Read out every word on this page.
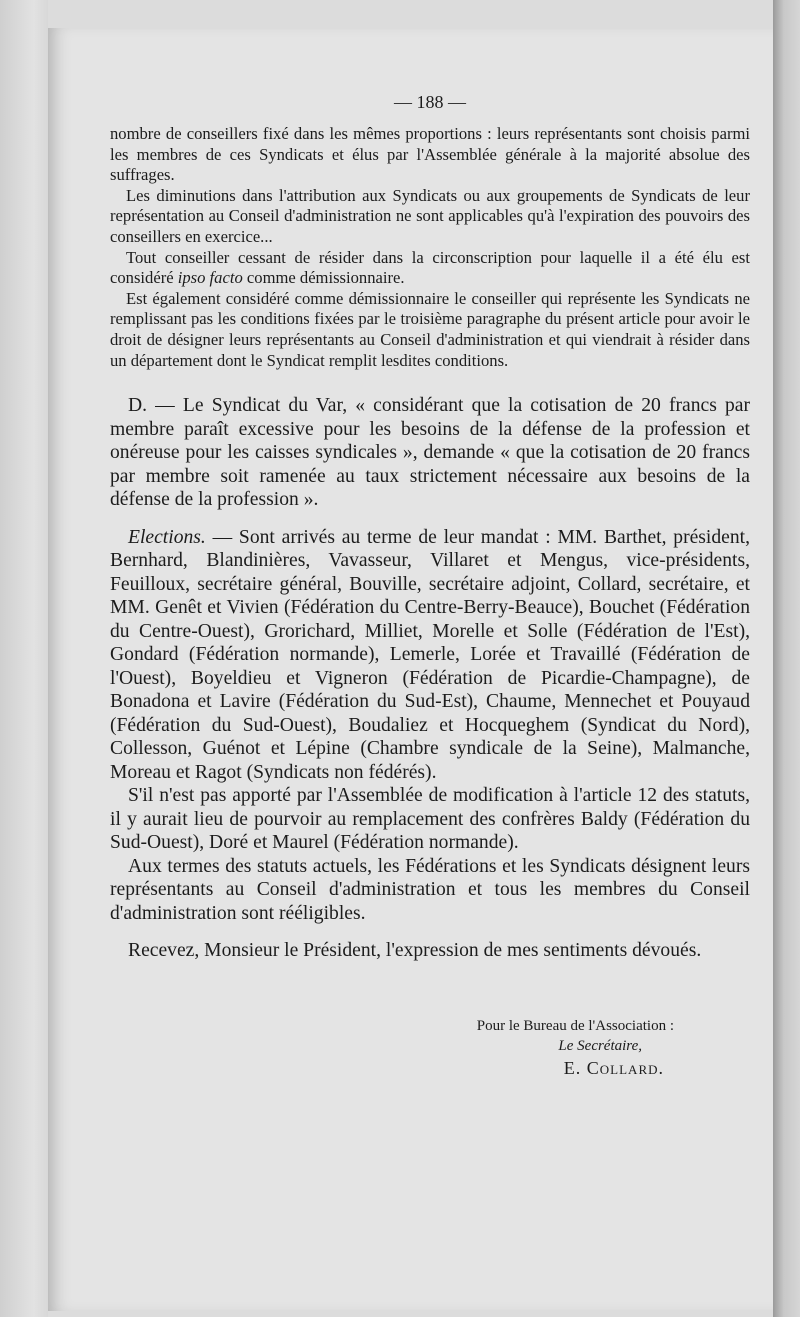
— 188 —

nombre de conseillers fixé dans les mêmes proportions : leurs représentants sont choisis parmi les membres de ces Syndicats et élus par l'Assemblée générale à la majorité absolue des suffrages.

Les diminutions dans l'attribution aux Syndicats ou aux groupements de Syndicats de leur représentation au Conseil d'administration ne sont applicables qu'à l'expiration des pouvoirs des conseillers en exercice...

Tout conseiller cessant de résider dans la circonscription pour laquelle il a été élu est considéré ipso facto comme démissionnaire.

Est également considéré comme démissionnaire le conseiller qui représente les Syndicats ne remplissant pas les conditions fixées par le troisième paragraphe du présent article pour avoir le droit de désigner leurs représentants au Conseil d'administration et qui viendrait à résider dans un département dont le Syndicat remplit lesdites conditions.

D. — Le Syndicat du Var, « considérant que la cotisation de 20 francs par membre paraît excessive pour les besoins de la défense de la profession et onéreuse pour les caisses syndicales », demande « que la cotisation de 20 francs par membre soit ramenée au taux strictement nécessaire aux besoins de la défense de la profession ».

Elections. — Sont arrivés au terme de leur mandat : MM. Barthet, président, Bernhard, Blandinières, Vavasseur, Villaret et Mengus, vice-présidents, Feuilloux, secrétaire général, Bouville, secrétaire adjoint, Collard, secrétaire, et MM. Genêt et Vivien (Fédération du Centre-Berry-Beauce), Bouchet (Fédération du Centre-Ouest), Grorichard, Milliet, Morelle et Solle (Fédération de l'Est), Gondard (Fédération normande), Lemerle, Lorée et Travaillé (Fédération de l'Ouest), Boyeldieu et Vigneron (Fédération de Picardie-Champagne), de Bonadona et Lavire (Fédération du Sud-Est), Chaume, Mennechet et Pouyaud (Fédération du Sud-Ouest), Boudaliez et Hocqueghem (Syndicat du Nord), Collesson, Guénot et Lépine (Chambre syndicale de la Seine), Malmanche, Moreau et Ragot (Syndicats non fédérés).

S'il n'est pas apporté par l'Assemblée de modification à l'article 12 des statuts, il y aurait lieu de pourvoir au remplacement des confrères Baldy (Fédération du Sud-Ouest), Doré et Maurel (Fédération normande).

Aux termes des statuts actuels, les Fédérations et les Syndicats désignent leurs représentants au Conseil d'administration et tous les membres du Conseil d'administration sont rééligibles.

Recevez, Monsieur le Président, l'expression de mes sentiments dévoués.

Pour le Bureau de l'Association :
Le Secrétaire,
E. Collard.
